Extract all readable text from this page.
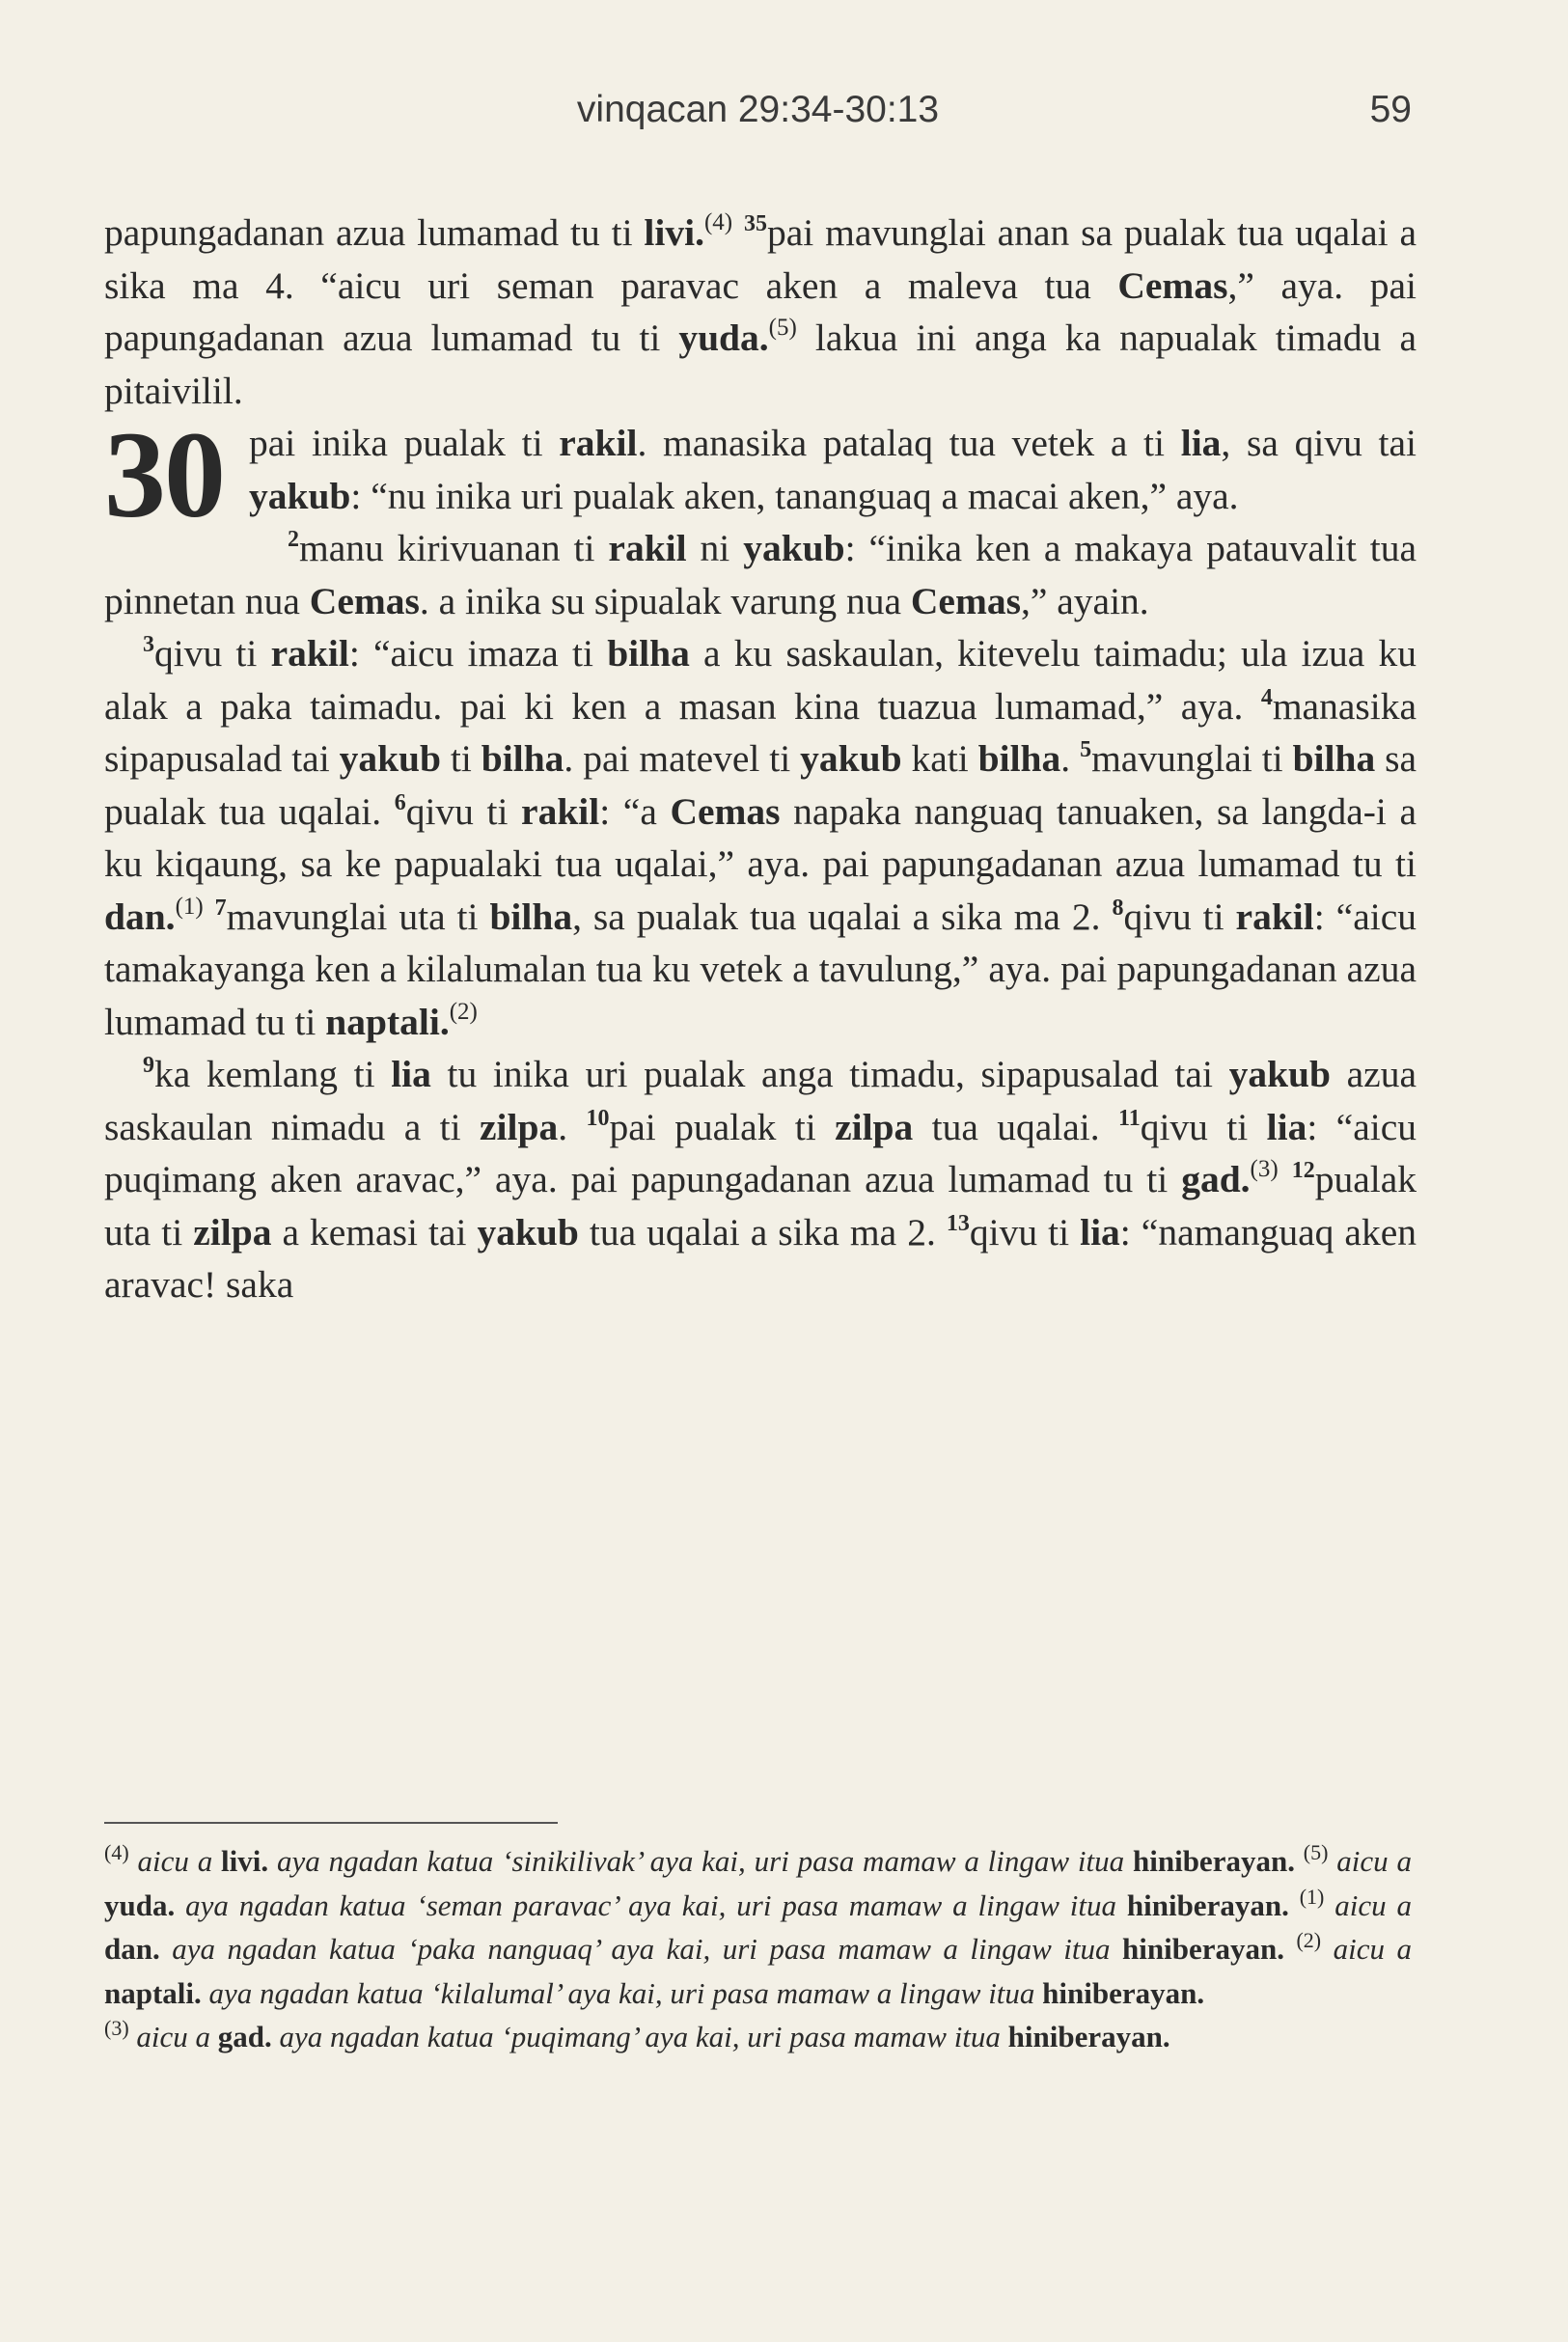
vinqacan 29:34-30:13	59

papungadanan azua lumamad tu ti livi.$^{(4)}$ $^{35}$pai mavunglai anan sa pualak tua uqalai a sika ma 4. “aicu uri seman paravac aken a maleva tua Cemas,” aya. pai papungadanan azua lumamad tu ti yuda.$^{(5)}$ lakua ini anga ka napualak timadu a pitaivilil.

30 pai inika pualak ti rakil. manasika patalaq tua vetek a ti lia, sa qivu tai yakub: “nu inika uri pualak aken, tananguaq a macai aken,” aya.

$^2$manu kirivuanan ti rakil ni yakub: “inika ken a makaya patauvalit tua pinnetan nua Cemas. a inika su sipualak varung nua Cemas,” ayain.

$^3$qivu ti rakil: “aicu imaza ti bilha a ku saskaulan, kitevelu taimadu; ula izua ku alak a paka taimadu. pai ki ken a masan kina tuazua lumamad,” aya. $^4$manasika sipapusalad tai yakub ti bilha. pai matevel ti yakub kati bilha. $^5$mavunglai ti bilha sa pualak tua uqalai. $^6$qivu ti rakil: “a Cemas napaka nanguaq tanuaken, sa langda-i a ku kiqaung, sa ke papualaki tua uqalai,” aya. pai papungadanan azua lumamad tu ti dan.$^{(1)}$ $^7$mavunglai uta ti bilha, sa pualak tua uqalai a sika ma 2. $^8$qivu ti rakil: “aicu tamakayanga ken a kilalumalan tua ku vetek a tavulung,” aya. pai papungadanan azua lumamad tu ti naptali.$^{(2)}$

$^9$ka kemlang ti lia tu inika uri pualak anga timadu, sipapusalad tai yakub azua saskaulan nimadu a ti zilpa. $^{10}$pai pualak ti zilpa tua uqalai. $^{11}$qivu ti lia: “aicu puqimang aken aravac,” aya. pai papungadanan azua lumamad tu ti gad.$^{(3)}$ $^{12}$pualak uta ti zilpa a kemasi tai yakub tua uqalai a sika ma 2. $^{13}$qivu ti lia: “namanguaq aken aravac! saka

$^{(4)}$ aicu a livi. aya ngadan katua ‘sinikilivak’ aya kai, uri pasa mamaw a lingaw itua hiniberayan. $^{(5)}$ aicu a yuda. aya ngadan katua ‘seman paravac’ aya kai, uri pasa mamaw a lingaw itua hiniberayan. $^{(1)}$ aicu a dan. aya ngadan katua ‘paka nanguaq’ aya kai, uri pasa mamaw a lingaw itua hiniberayan. $^{(2)}$ aicu a naptali. aya ngadan katua ‘kilalumal’ aya kai, uri pasa mamaw a lingaw itua hiniberayan.
$^{(3)}$ aicu a gad. aya ngadan katua ‘puqimang’ aya kai, uri pasa mamaw itua hiniberayan.
